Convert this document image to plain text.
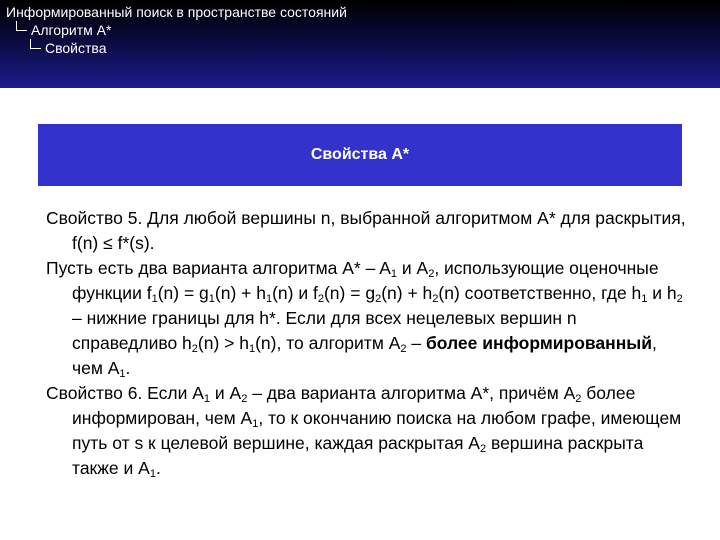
Информированный поиск в пространстве состояний
Алгоритм A*
Свойства
Свойства A*

Свойство 5. Для любой вершины n, выбранной алгоритмом A* для раскрытия, f(n) ≤ f*(s).

Пусть есть два варианта алгоритма $A* - A_1$ и $A_2$, использующие оценочные функции $f_1(n) = g_1(n) + h_1(n)$ и $f_2(n) = g_2(n) + h_2(n)$ соответственно, где $h_1$ и $h_2$ – нижние границы для h*. Если для всех нецелевых вершин n справедливо $h_2(n) > h_1(n)$, то алгоритм $A_2$ – более информированный, чем $A_1$.

Свойство 6. Если $A_1$ и $A_2$ – два варианта алгоритма A*, причём $A_2$ более информирован, чем $A_1$, то к окончанию поиска на любом графе, имеющем путь от s к целевой вершине, каждая раскрытая $A_2$ вершина раскрыта также и $A_1$.
